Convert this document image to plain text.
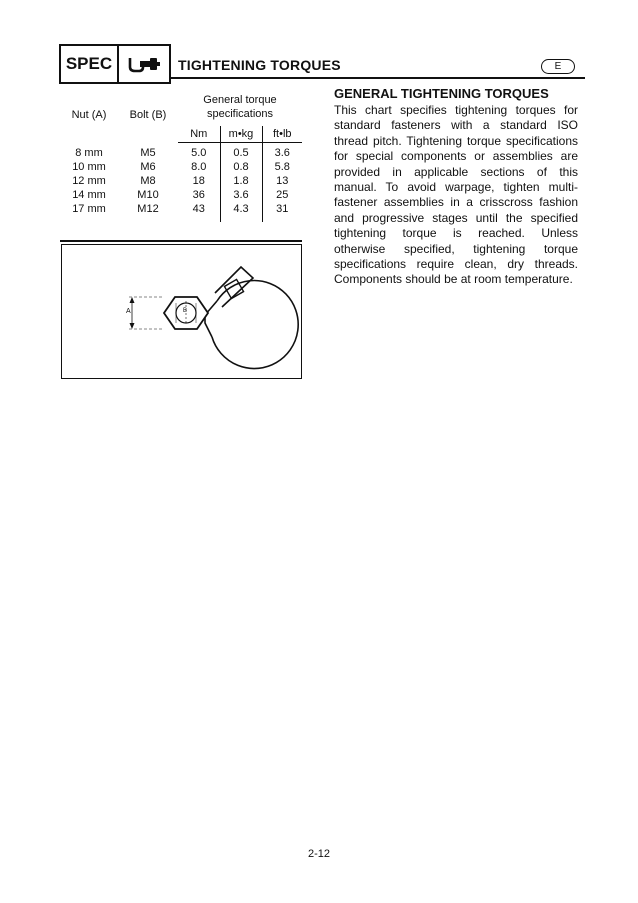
SPEC	TIGHTENING TORQUES	E
Nut (A)	Bolt (B)	General torque specifications		
		Nm	m•kg	ft•lb
8 mm	M5	5.0	0.5	3.6
10 mm	M6	8.0	0.8	5.8
12 mm	M8	18	1.8	13
14 mm	M10	36	3.6	25
17 mm	M12	43	4.3	31
A	B
GENERAL TIGHTENING TORQUES
This chart specifies tightening torques for standard fasteners with a standard ISO thread pitch. Tightening torque specifications for special components or assemblies are provided in applicable sections of this manual. To avoid warpage, tighten multi-fastener assemblies in a crisscross fashion and progressive stages until the specified tightening torque is reached. Unless otherwise specified, tightening torque specifications require clean, dry threads. Components should be at room temperature.
2-12
